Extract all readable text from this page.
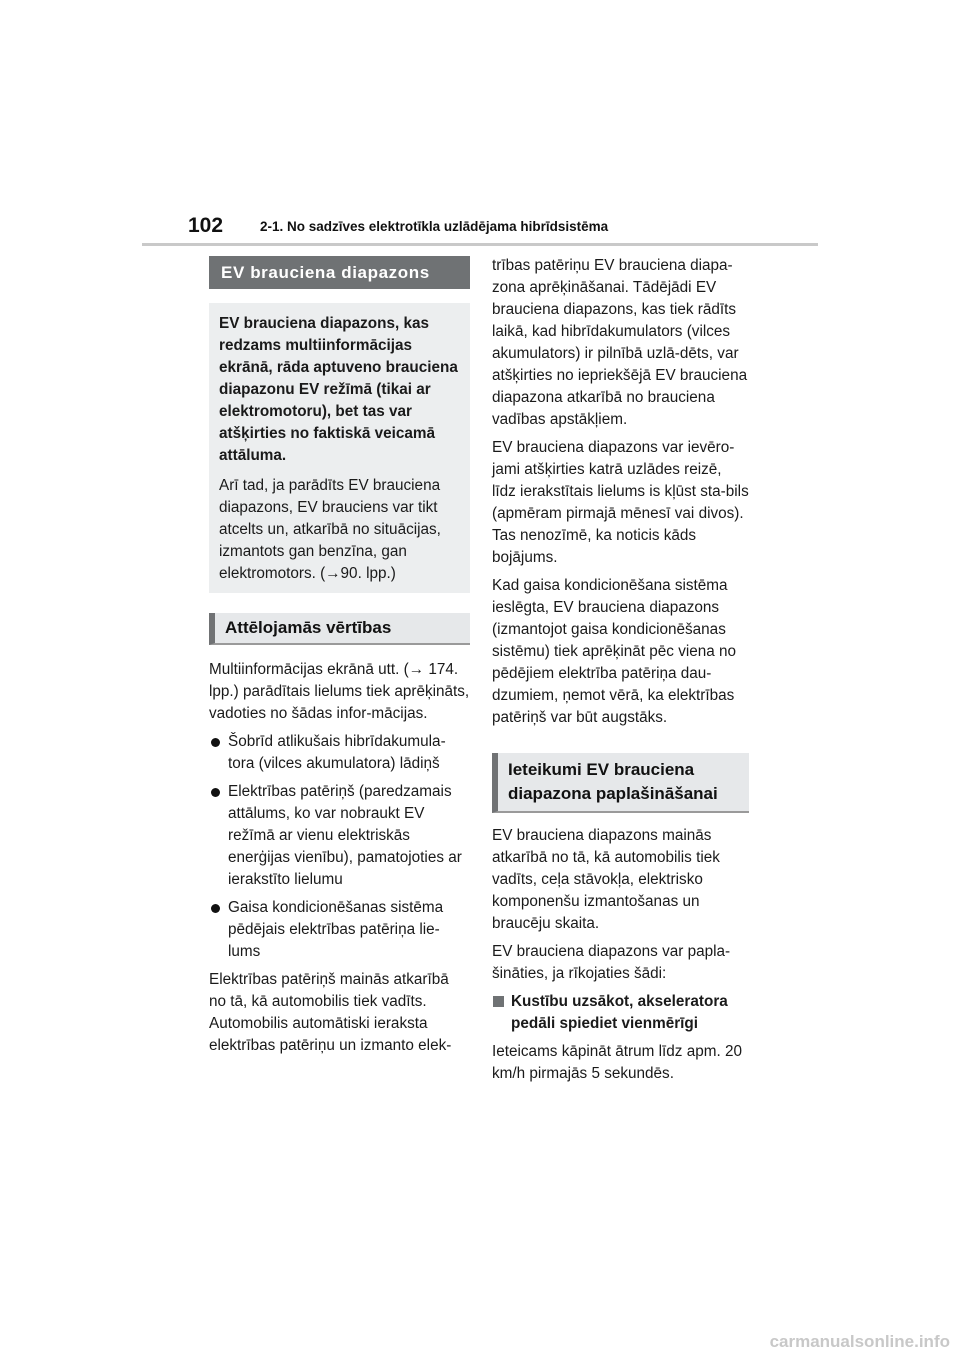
102	2-1. No sadzīves elektrotīkla uzlādējama hibrīdsistēma
EV brauciena diapazons

EV brauciena diapazons, kas redzams multiinformācijas ekrānā, rāda aptuveno brauciena diapazonu EV režīmā (tikai ar elektromotoru), bet tas var atšķirties no faktiskā veicamā attāluma.

Arī tad, ja parādīts EV brauciena diapazons, EV brauciens var tikt atcelts un, atkarībā no situācijas, izmantots gan benzīna, gan elektromotors. (→90. lpp.)

Attēlojamās vērtības

Multiinformācijas ekrānā utt. (→ 174. lpp.) parādītais lielums tiek aprēķināts, vadoties no šādas infor-mācijas.

Šobrīd atlikušais hibrīdakumula-tora (vilces akumulatora) lādiņš
Elektrības patēriņš (paredzamais attālums, ko var nobraukt EV režīmā ar vienu elektriskās enerģijas vienību), pamatojoties ar ierakstīto lielumu
Gaisa kondicionēšanas sistēma pēdējais elektrības patēriņa lie-lums

Elektrības patēriņš mainās atkarībā no tā, kā automobilis tiek vadīts. Automobilis automātiski ieraksta elektrības patēriņu un izmanto elek-

trības patēriņu EV brauciena diapa-zona aprēķināšanai. Tādējādi EV brauciena diapazons, kas tiek rādīts laikā, kad hibrīdakumulators (vilces akumulators) ir pilnībā uzlā-dēts, var atšķirties no iepriekšējā EV brauciena diapazona atkarībā no brauciena vadības apstākļiem.

EV brauciena diapazons var ievēro-jami atšķirties katrā uzlādes reizē, līdz ierakstītais lielums is kļūst sta-bils (apmēram pirmajā mēnesī vai divos). Tas nenozīmē, ka noticis kāds bojājums.

Kad gaisa kondicionēšana sistēma ieslēgta, EV brauciena diapazons (izmantojot gaisa kondicionēšanas sistēmu) tiek aprēķināt pēc viena no pēdējiem elektrība patēriņa dau-dzumiem, ņemot vērā, ka elektrības patēriņš var būt augstāks.

Ieteikumi EV brauciena diapazona paplašināšanai

EV brauciena diapazons mainās atkarībā no tā, kā automobilis tiek vadīts, ceļa stāvokļa, elektrisko komponenšu izmantošanas un braucēju skaita.

EV brauciena diapazons var papla-šināties, ja rīkojaties šādi:

Kustību uzsākot, akseleratora pedāli spiediet vienmērīgi

Ieteicams kāpināt ātrum līdz apm. 20 km/h pirmajās 5 sekundēs.

carmanualsonline.info
